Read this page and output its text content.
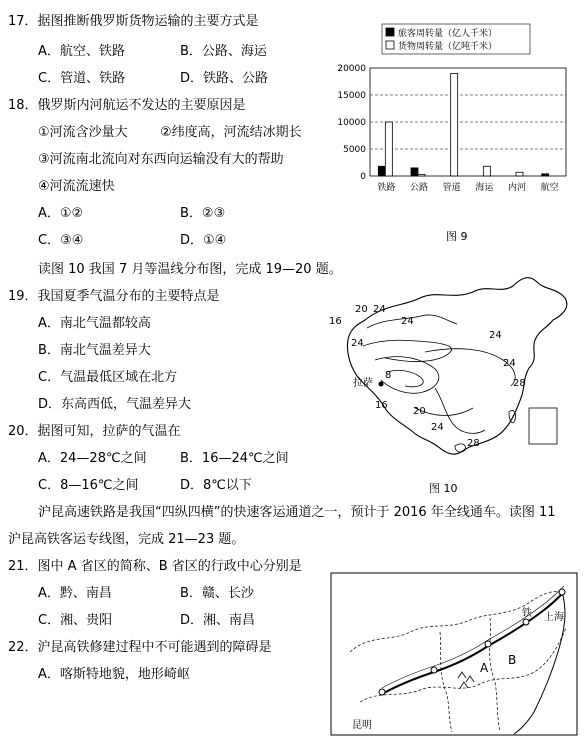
17．据图推断俄罗斯货物运输的主要方式是
A．航空、铁路	B．公路、海运
C．管道、铁路	D．铁路、公路
18．俄罗斯内河航运不发达的主要原因是
①河流含沙量大 ②纬度高，河流结冰期长
③河流南北流向对东西向运输没有大的帮助
④河流流速快
A．①②	B．②③
C．③④	D．①④
旅客周转量（亿人千米）
货物周转量（亿吨千米）
0
5000
10000
15000
20000
铁路 公路 管道 海运 内河 航空
图 9
读图 10 我国 7 月等温线分布图，完成 19—20 题。
19．我国夏季气温分布的主要特点是
A．南北气温都较高
B．南北气温差异大
C．气温最低区域在北方
D．东高西低，气温差异大
20．据图可知，拉萨的气温在
A．24—28℃之间	B．16—24℃之间
C．8—16℃之间	D．8℃以下
拉萨
20 24
16	24
24
24
24
8
16
28
20
24
28
图 10
沪昆高速铁路是我国“四纵四横”的快速客运通道之一，预计于 2016 年全线通车。读图 11
沪昆高铁客运专线图，完成 21—23 题。
21．图中 A 省区的简称、B 省区的行政中心分别是
A．黔、南昌	B．赣、长沙
C．湘、贵阳	D．湘、南昌
22．沪昆高铁修建过程中不可能遇到的障碍是
A．喀斯特地貌，地形崎岖	A
B
昆明
上海
铁
